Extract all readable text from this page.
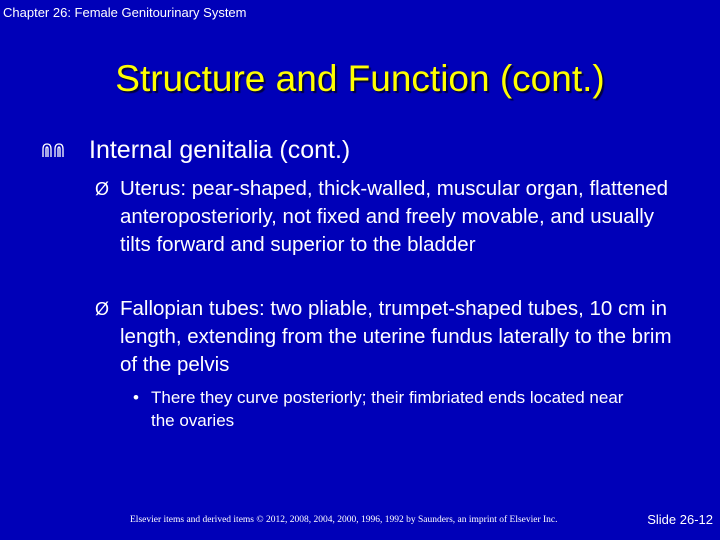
Chapter 26: Female Genitourinary System
Structure and Function (cont.)
Internal genitalia (cont.)
Ø Uterus: pear-shaped, thick-walled, muscular organ, flattened anteroposteriorly, not fixed and freely movable, and usually tilts forward and superior to the bladder
Ø Fallopian tubes: two pliable, trumpet-shaped tubes, 10 cm in length, extending from the uterine fundus laterally to the brim of the pelvis
• There they curve posteriorly; their fimbriated ends located near the ovaries
Elsevier items and derived items © 2012, 2008, 2004, 2000, 1996, 1992 by Saunders, an imprint of Elsevier Inc.	Slide 26-12
